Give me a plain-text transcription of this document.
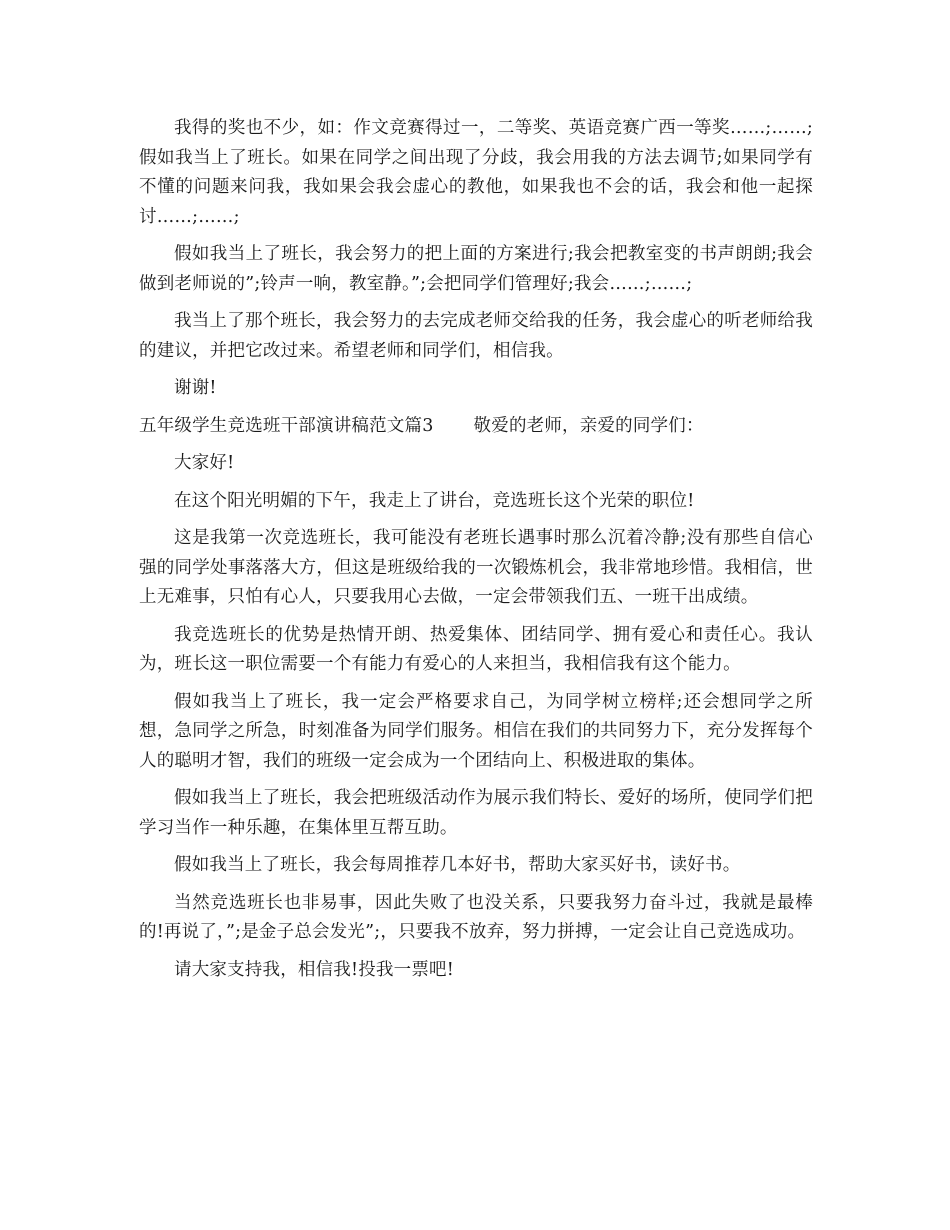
我得的奖也不少，如：作文竞赛得过一，二等奖、英语竞赛广西一等奖……;……;假如我当上了班长。如果在同学之间出现了分歧，我会用我的方法去调节;如果同学有不懂的问题来问我，我如果会我会虚心的教他，如果我也不会的话，我会和他一起探讨……;……;

假如我当上了班长，我会努力的把上面的方案进行;我会把教室变的书声朗朗;我会做到老师说的”;铃声一响，教室静。”;会把同学们管理好;我会……;……;

我当上了那个班长，我会努力的去完成老师交给我的任务，我会虚心的听老师给我的建议，并把它改过来。希望老师和同学们，相信我。

谢谢!

五年级学生竞选班干部演讲稿范文篇3 敬爱的老师，亲爱的同学们：

大家好!

在这个阳光明媚的下午，我走上了讲台，竞选班长这个光荣的职位!

这是我第一次竞选班长，我可能没有老班长遇事时那么沉着冷静;没有那些自信心强的同学处事落落大方，但这是班级给我的一次锻炼机会，我非常地珍惜。我相信，世上无难事，只怕有心人，只要我用心去做，一定会带领我们五、一班干出成绩。

我竞选班长的优势是热情开朗、热爱集体、团结同学、拥有爱心和责任心。我认为，班长这一职位需要一个有能力有爱心的人来担当，我相信我有这个能力。

假如我当上了班长，我一定会严格要求自己，为同学树立榜样;还会想同学之所想，急同学之所急，时刻准备为同学们服务。相信在我们的共同努力下，充分发挥每个人的聪明才智，我们的班级一定会成为一个团结向上、积极进取的集体。

假如我当上了班长，我会把班级活动作为展示我们特长、爱好的场所，使同学们把学习当作一种乐趣，在集体里互帮互助。

假如我当上了班长，我会每周推荐几本好书，帮助大家买好书，读好书。

当然竞选班长也非易事，因此失败了也没关系，只要我努力奋斗过，我就是最棒的!再说了，”;是金子总会发光”;，只要我不放弃，努力拼搏，一定会让自己竞选成功。

请大家支持我，相信我!投我一票吧!
